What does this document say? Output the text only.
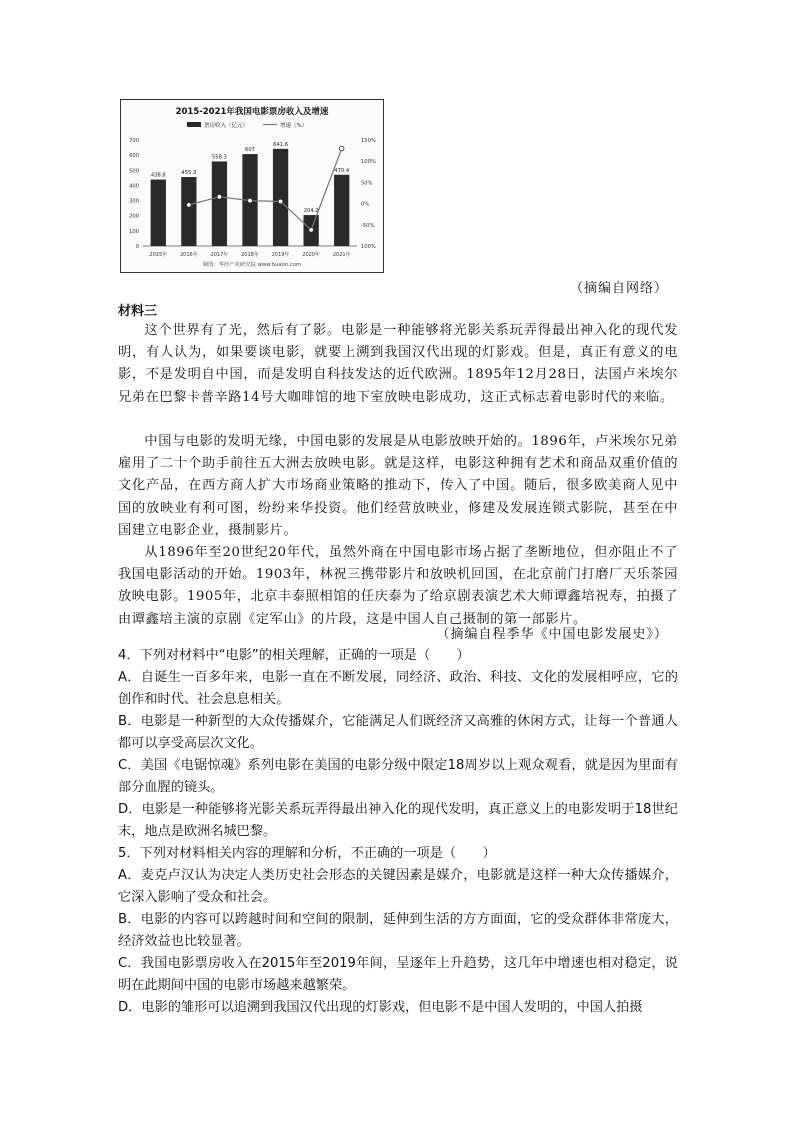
2015-2021年我国电影票房收入及增速
票房收入（亿元）	增速（%）
700
600
500
400
300
200
100
0
150%
100%
50%
0%
-50%
100%
438.8	455.3
558.3
607
641.6
204.2
470.4
2015年	2016年	2017年	2018年	2019年	2020年	2021年
制图：华经产业研究院 www.huaon.com
（摘编自网络）
材料三

这个世界有了光，然后有了影。电影是一种能够将光影关系玩弄得最出神入化的现代发明，有人认为，如果要谈电影，就要上溯到我国汉代出现的灯影戏。但是，真正有意义的电影，不是发明自中国，而是发明自科技发达的近代欧洲。1895年12月28日，法国卢米埃尔兄弟在巴黎卡普辛路14号大咖啡馆的地下室放映电影成功，这正式标志着电影时代的来临。

中国与电影的发明无缘，中国电影的发展是从电影放映开始的。1896年，卢米埃尔兄弟雇用了二十个助手前往五大洲去放映电影。就是这样，电影这种拥有艺术和商品双重价值的文化产品，在西方商人扩大市场商业策略的推动下，传入了中国。随后，很多欧美商人见中国的放映业有利可图，纷纷来华投资。他们经营放映业，修建及发展连锁式影院，甚至在中国建立电影企业，摄制影片。

从1896年至20世纪20年代，虽然外商在中国电影市场占据了垄断地位，但亦阻止不了我国电影活动的开始。1903年，林祝三携带影片和放映机回国，在北京前门打磨厂天乐茶园放映电影。1905年，北京丰泰照相馆的任庆泰为了给京剧表演艺术大师谭鑫培祝寿，拍摄了由谭鑫培主演的京剧《定军山》的片段，这是中国人自己摄制的第一部影片。

（摘编自程季华《中国电影发展史》）

4．下列对材料中“电影”的相关理解，正确的一项是（　　）

A．自诞生一百多年来，电影一直在不断发展，同经济、政治、科技、文化的发展相呼应，它的创作和时代、社会息息相关。

B．电影是一种新型的大众传播媒介，它能满足人们既经济又高雅的休闲方式，让每一个普通人都可以享受高层次文化。

C．美国《电锯惊魂》系列电影在美国的电影分级中限定18周岁以上观众观看，就是因为里面有部分血腥的镜头。

D．电影是一种能够将光影关系玩弄得最出神入化的现代发明，真正意义上的电影发明于18世纪末，地点是欧洲名城巴黎。

5．下列对材料相关内容的理解和分析，不正确的一项是（　　）

A．麦克卢汉认为决定人类历史社会形态的关键因素是媒介，电影就是这样一种大众传播媒介，它深入影响了受众和社会。

B．电影的内容可以跨越时间和空间的限制，延伸到生活的方方面面，它的受众群体非常庞大，经济效益也比较显著。

C．我国电影票房收入在2015年至2019年间，呈逐年上升趋势，这几年中增速也相对稳定，说明在此期间中国的电影市场越来越繁荣。

D．电影的雏形可以追溯到我国汉代出现的灯影戏，但电影不是中国人发明的，中国人拍摄
